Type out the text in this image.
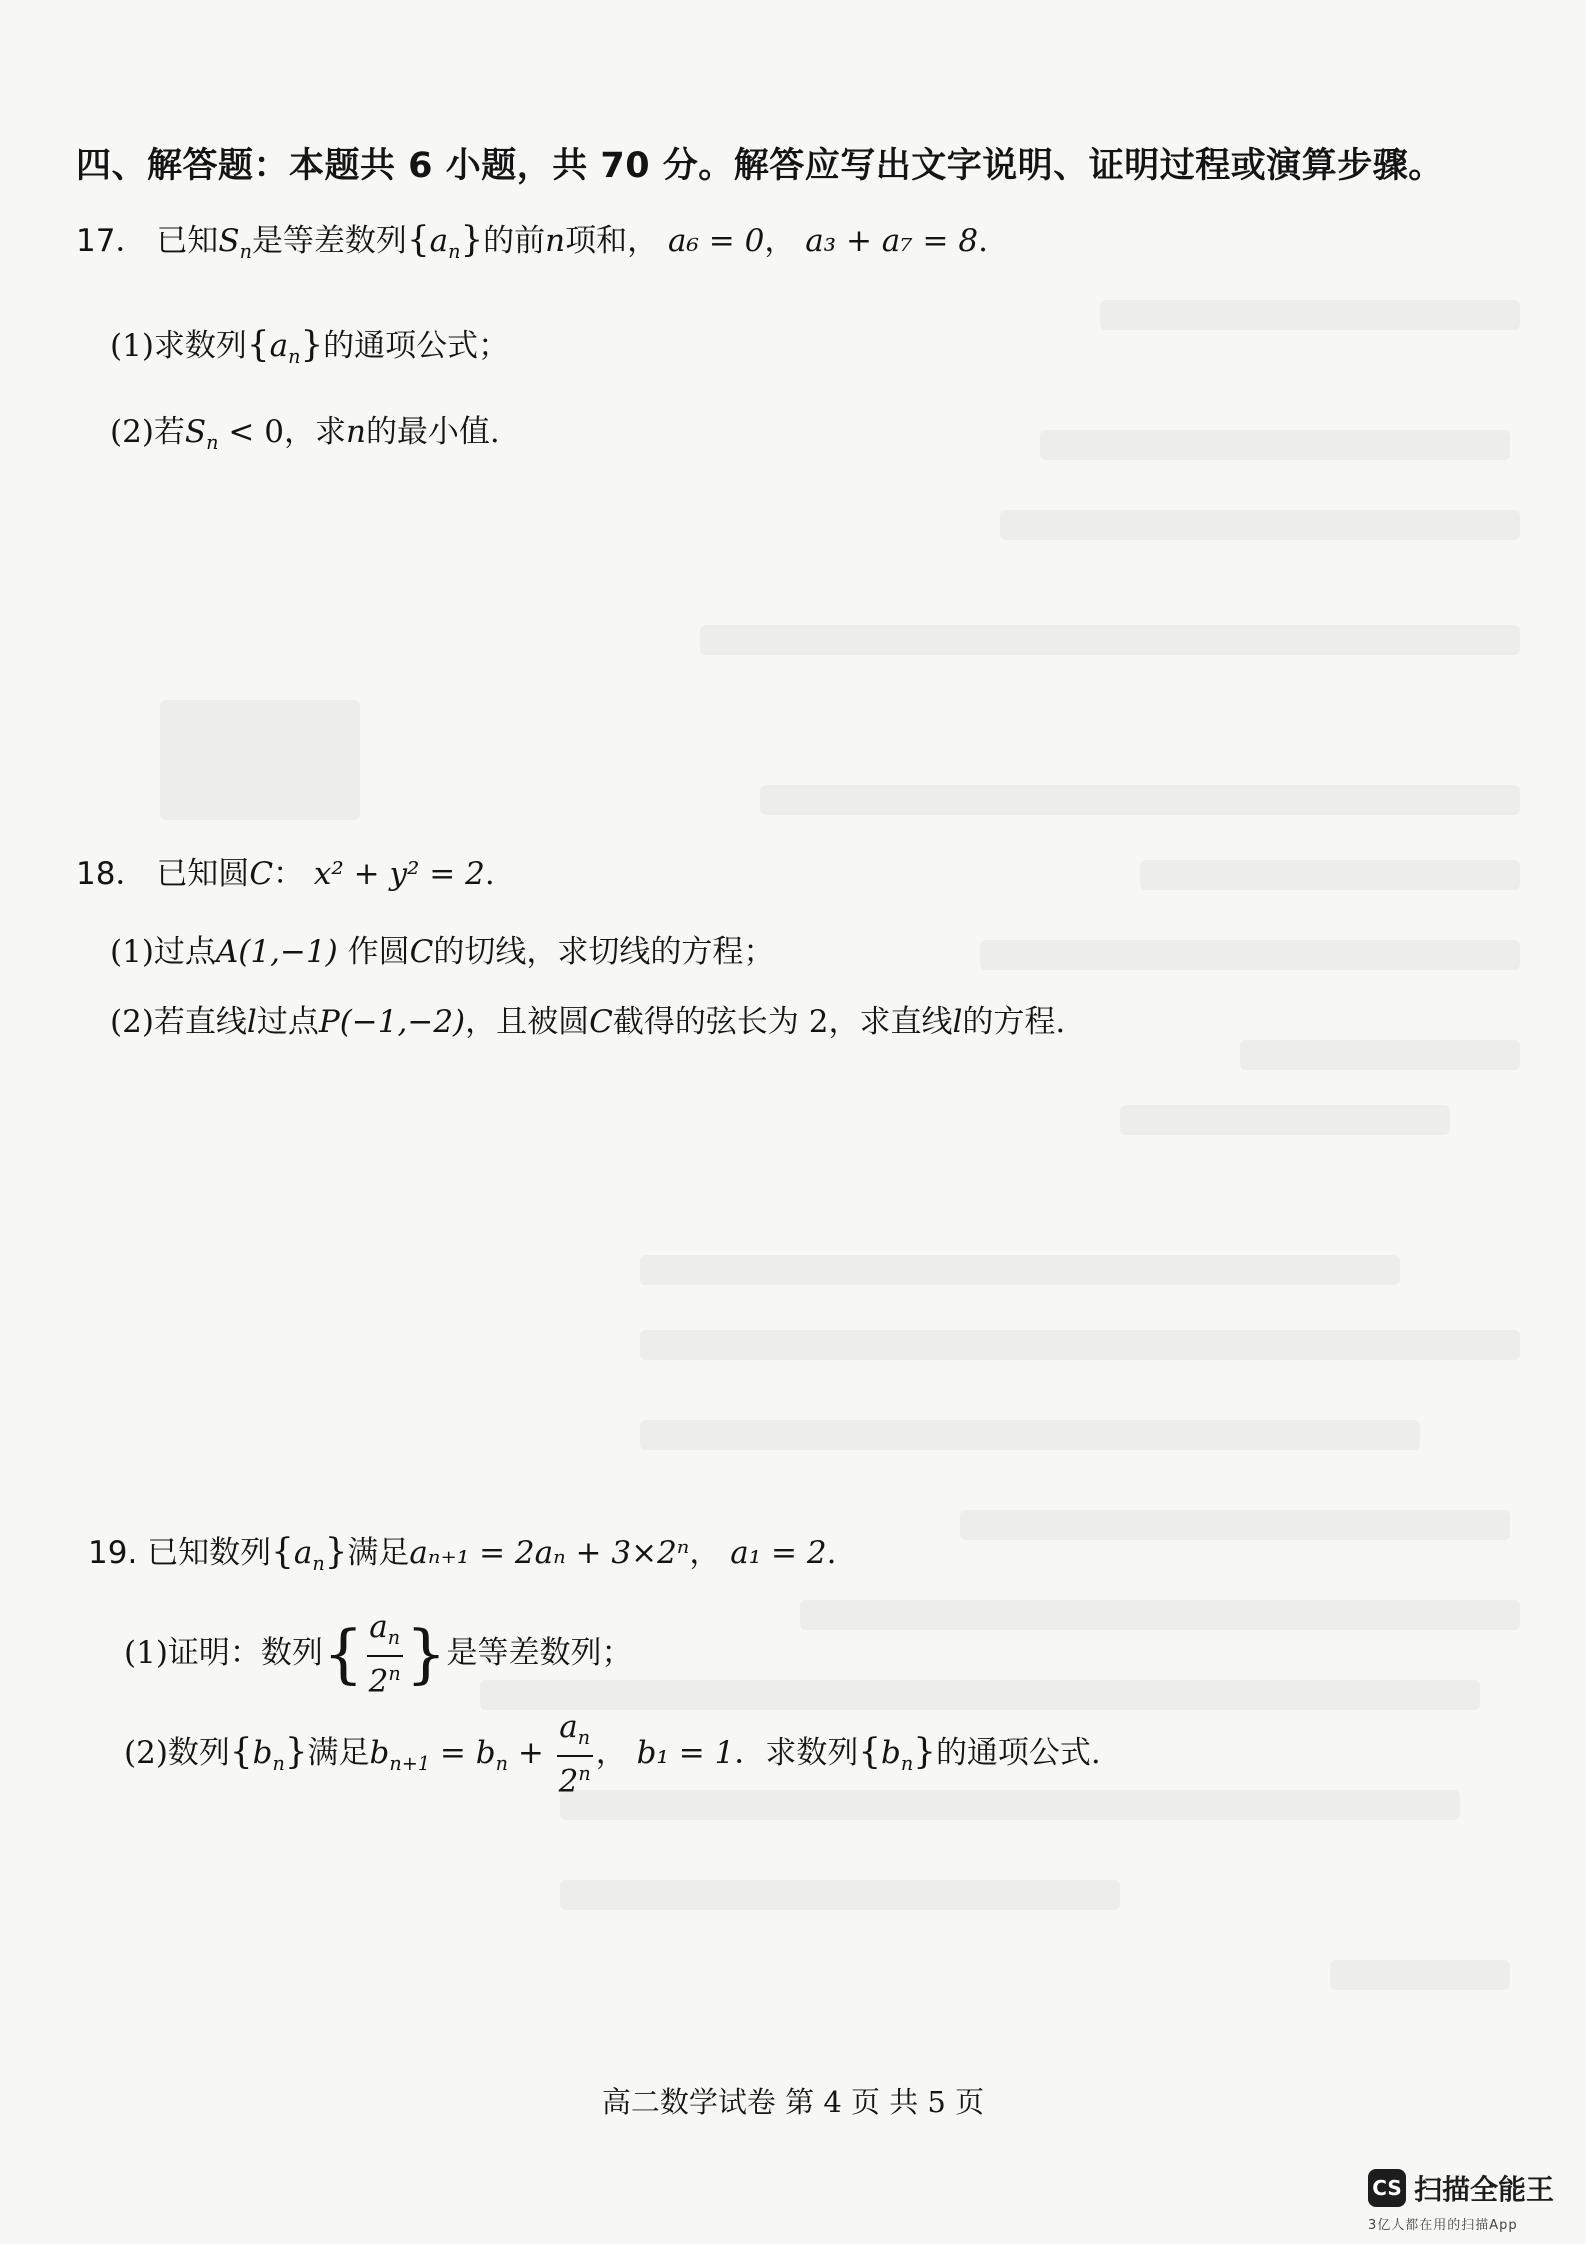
四、解答题：本题共 6 小题，共 70 分。解答应写出文字说明、证明过程或演算步骤。
17． 已知$S_n$是等差数列$\{a_n\}$的前n项和， a₆ = 0， a₃ + a₇ = 8.
(1)求数列$\{a_n\}$的通项公式；
(2)若$S_n < 0$，求n的最小值.
18． 已知圆C： x² + y² = 2.
(1)过点A(1,−1) 作圆C的切线，求切线的方程；
(2)若直线l过点P(−1,−2)，且被圆C截得的弦长为 2，求直线l的方程.
19. 已知数列$\{a_n\}$满足aₙ₊₁ = 2aₙ + 3×2ⁿ， a₁ = 2.
(1)证明：数列{ $\frac{a_n}{2^n}$ }是等差数列；
(2)数列$\{b_n\}$满足$b_{n+1} = b_n + \frac{a_n}{2^n}$ ， b₁ = 1．求数列$\{b_n\}$的通项公式.
高二数学试卷 第 4 页 共 5 页
CS 扫描全能王
3亿人都在用的扫描App
